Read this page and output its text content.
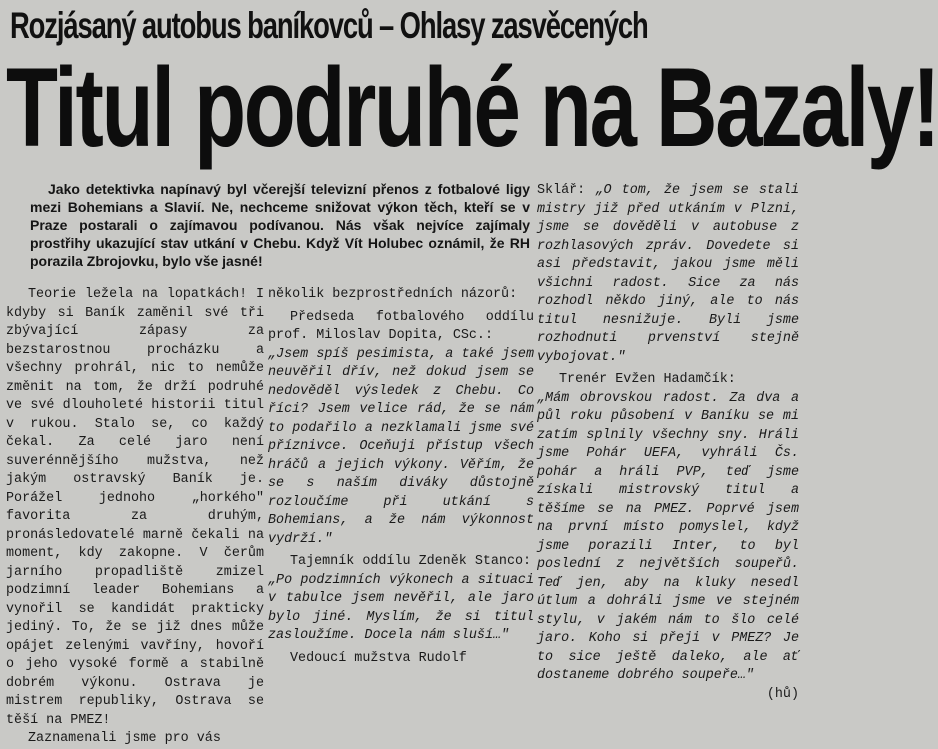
Rozjásaný autobus baníkovců – Ohlasy zasvěcených
Titul podruhé na Bazaly!

Jako detektivka napínavý byl včerejší televizní přenos z fotbalové ligy mezi Bohemians a Slavií. Ne, nechceme snižovat výkon těch, kteří se v Praze postarali o zajímavou podívanou. Nás však nejvíce zajímaly prostřihy ukazující stav utkání v Chebu. Když Vít Holubec oznámil, že RH porazila Zbrojovku, bylo vše jasné!

Teorie ležela na lopatkách! I kdyby si Baník zaměnil své tři zbývající zápasy za bezstarostnou procházku a všechny prohrál, nic to nemůže změnit na tom, že drží podruhé ve své dlouholeté historii titul v rukou. Stalo se, co každý čekal. Za celé jaro není suverénnějšího mužstva, než jakým ostravský Baník je. Porážel jednoho „horkého" favorita za druhým, pronásledovatelé marně čekali na moment, kdy zakopne. V čerům jarního propadliště zmizel podzimní leader Bohemians a vynořil se kandidát prakticky jediný. To, že se již dnes může opájet zelenými vavříny, hovoří o jeho vysoké formě a stabilně dobrém výkonu. Ostrava je mistrem republiky, Ostrava se těší na PMEZ!

Zaznamenali jsme pro vás

několik bezprostředních názorů:

Předseda fotbalového oddílu prof. Miloslav Dopita, CSc.:

„Jsem spíš pesimista, a také jsem neuvěřil dřív, než dokud jsem se nedověděl výsledek z Chebu. Co říci? Jsem velice rád, že se nám to podařilo a nezklamali jsme své příznivce. Oceňuji přístup všech hráčů a jejich výkony. Věřím, že se s naším diváky důstojně rozloučíme při utkání s Bohemians, a že nám výkonnost vydrží."

Tajemník oddílu Zdeněk Stanco:

„Po podzimních výkonech a situaci v tabulce jsem nevěřil, ale jaro bylo jiné. Myslím, že si titul zasloužíme. Docela nám sluší…"

Vedoucí mužstva Rudolf

Sklář: „O tom, že jsem se stali mistry již před utkáním v Plzni, jsme se dověděli v autobuse z rozhlasových zpráv. Dovedete si asi představit, jakou jsme měli všichni radost. Sice za nás rozhodl někdo jiný, ale to nás titul nesnižuje. Byli jsme rozhodnuti prvenství stejně vybojovat."

Trenér Evžen Hadamčík:

„Mám obrovskou radost. Za dva a půl roku působení v Baníku se mi zatím splnily všechny sny. Hráli jsme Pohár UEFA, vyhráli Čs. pohár a hráli PVP, teď jsme získali mistrovský titul a těšíme se na PMEZ. Poprvé jsem na první místo pomyslel, když jsme porazili Inter, to byl poslední z největších soupeřů. Teď jen, aby na kluky nesedl útlum a dohráli jsme ve stejném stylu, v jakém nám to šlo celé jaro. Koho si přeji v PMEZ? Je to sice ještě daleko, ale ať dostaneme dobrého soupeře…"

(hů)
